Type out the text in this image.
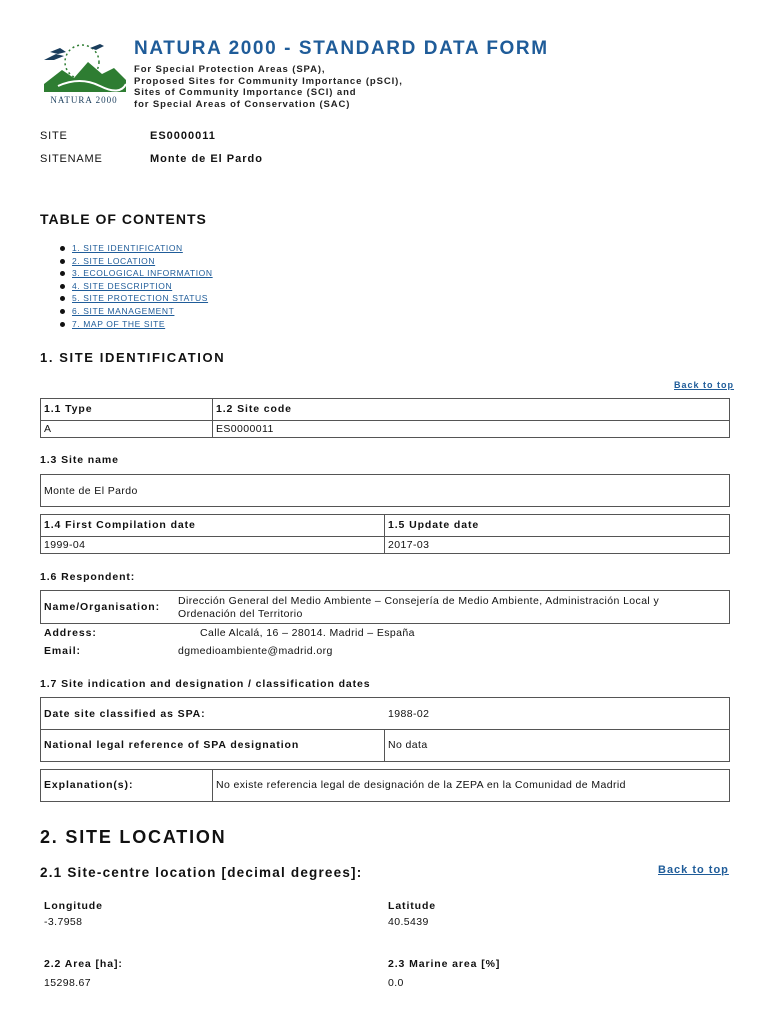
NATURA 2000
NATURA 2000 - STANDARD DATA FORM
For Special Protection Areas (SPA),
Proposed Sites for Community Importance (pSCI),
Sites of Community Importance (SCI) and
for Special Areas of Conservation (SAC)
SITE	ES0000011
SITENAME	Monte de El Pardo
TABLE OF CONTENTS
1. SITE IDENTIFICATION
2. SITE LOCATION
3. ECOLOGICAL INFORMATION
4. SITE DESCRIPTION
5. SITE PROTECTION STATUS
6. SITE MANAGEMENT
7. MAP OF THE SITE
1. SITE IDENTIFICATION
Back to top
1.1 Type	1.2 Site code
A	ES0000011
1.3 Site name
Monte de El Pardo
1.4 First Compilation date	1.5 Update date
1999-04	2017-03
1.6 Respondent:
Name/Organisation: Dirección General del Medio Ambiente – Consejería de Medio Ambiente, Administración Local y
Ordenación del Territorio
Address:	Calle Alcalá, 16 – 28014. Madrid – España
Email:	dgmedioambiente@madrid.org
1.7 Site indication and designation / classification dates
Date site classified as SPA:	1988-02
National legal reference of SPA designation	No data
Explanation(s):	No existe referencia legal de designación de la ZEPA en la Comunidad de Madrid
2. SITE LOCATION
2.1 Site-centre location [decimal degrees]:	Back to top
Longitude
-3.7958
Latitude
40.5439
2.2 Area [ha]:
15298.67
2.3 Marine area [%]
0.0
